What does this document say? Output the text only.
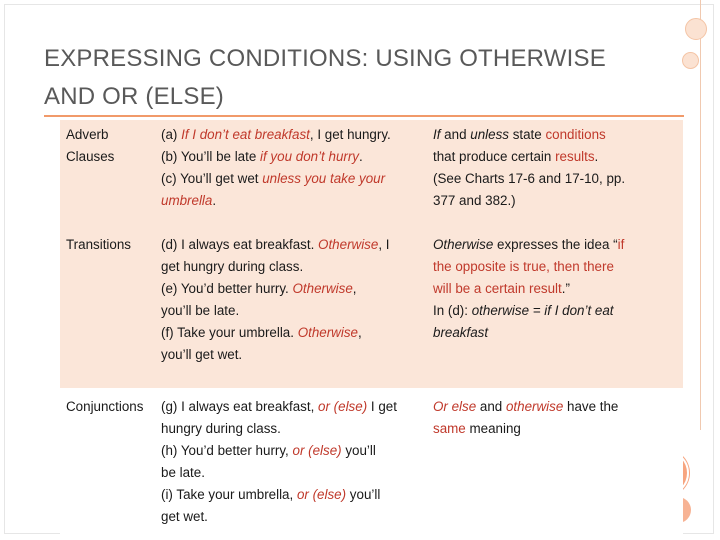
EXPRESSING CONDITIONS: USING OTHERWISE
AND OR (ELSE)
Adverb
Clauses
(a) If I don’t eat breakfast, I get hungry.
(b) You’ll be late if you don’t hurry.
(c) You’ll get wet unless you take your
umbrella.
If and unless state conditions
that produce certain results.
(See Charts 17-6 and 17-10, pp.
377 and 382.)
Transitions	(d) I always eat breakfast. Otherwise, I
get hungry during class.
(e) You’d better hurry. Otherwise,
you’ll be late.
(f) Take your umbrella. Otherwise,
you’ll get wet.
Otherwise expresses the idea “if
the opposite is true, then there
will be a certain result.”
In (d): otherwise = if I don’t eat
breakfast
Conjunctions	(g) I always eat breakfast, or (else) I get
hungry during class.
(h) You’d better hurry, or (else) you’ll
be late.
(i) Take your umbrella, or (else) you’ll
get wet.
Or else and otherwise have the
same meaning
